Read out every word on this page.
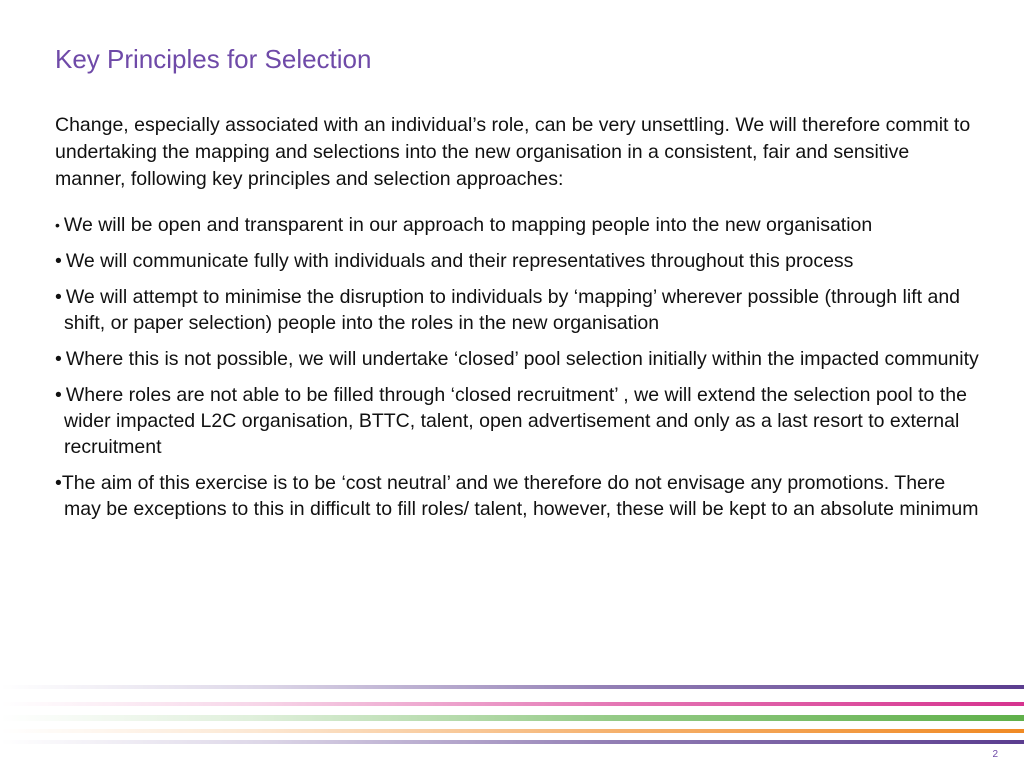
Key Principles for Selection
Change, especially associated with an individual’s role, can be very unsettling. We will therefore commit to undertaking the mapping and selections into the new organisation in a consistent, fair and sensitive manner, following key principles and selection approaches:
• We will be open and transparent in our approach to mapping people into the new organisation
• We will communicate fully with individuals and their representatives throughout this process
• We will attempt to minimise the disruption to individuals by ‘mapping’ wherever possible (through lift and shift, or paper selection) people into the roles in the new organisation
• Where this is not possible, we will undertake ‘closed’ pool selection initially within the impacted community
• Where roles are not able to be filled through ‘closed recruitment’ , we will extend the selection pool to the wider impacted L2C organisation, BTTC, talent, open advertisement and only as a last resort to external recruitment
•The aim of this exercise is to be ‘cost neutral’ and we therefore do not envisage any promotions. There may be exceptions to this in difficult to fill roles/ talent, however, these will be kept to an absolute minimum
2
